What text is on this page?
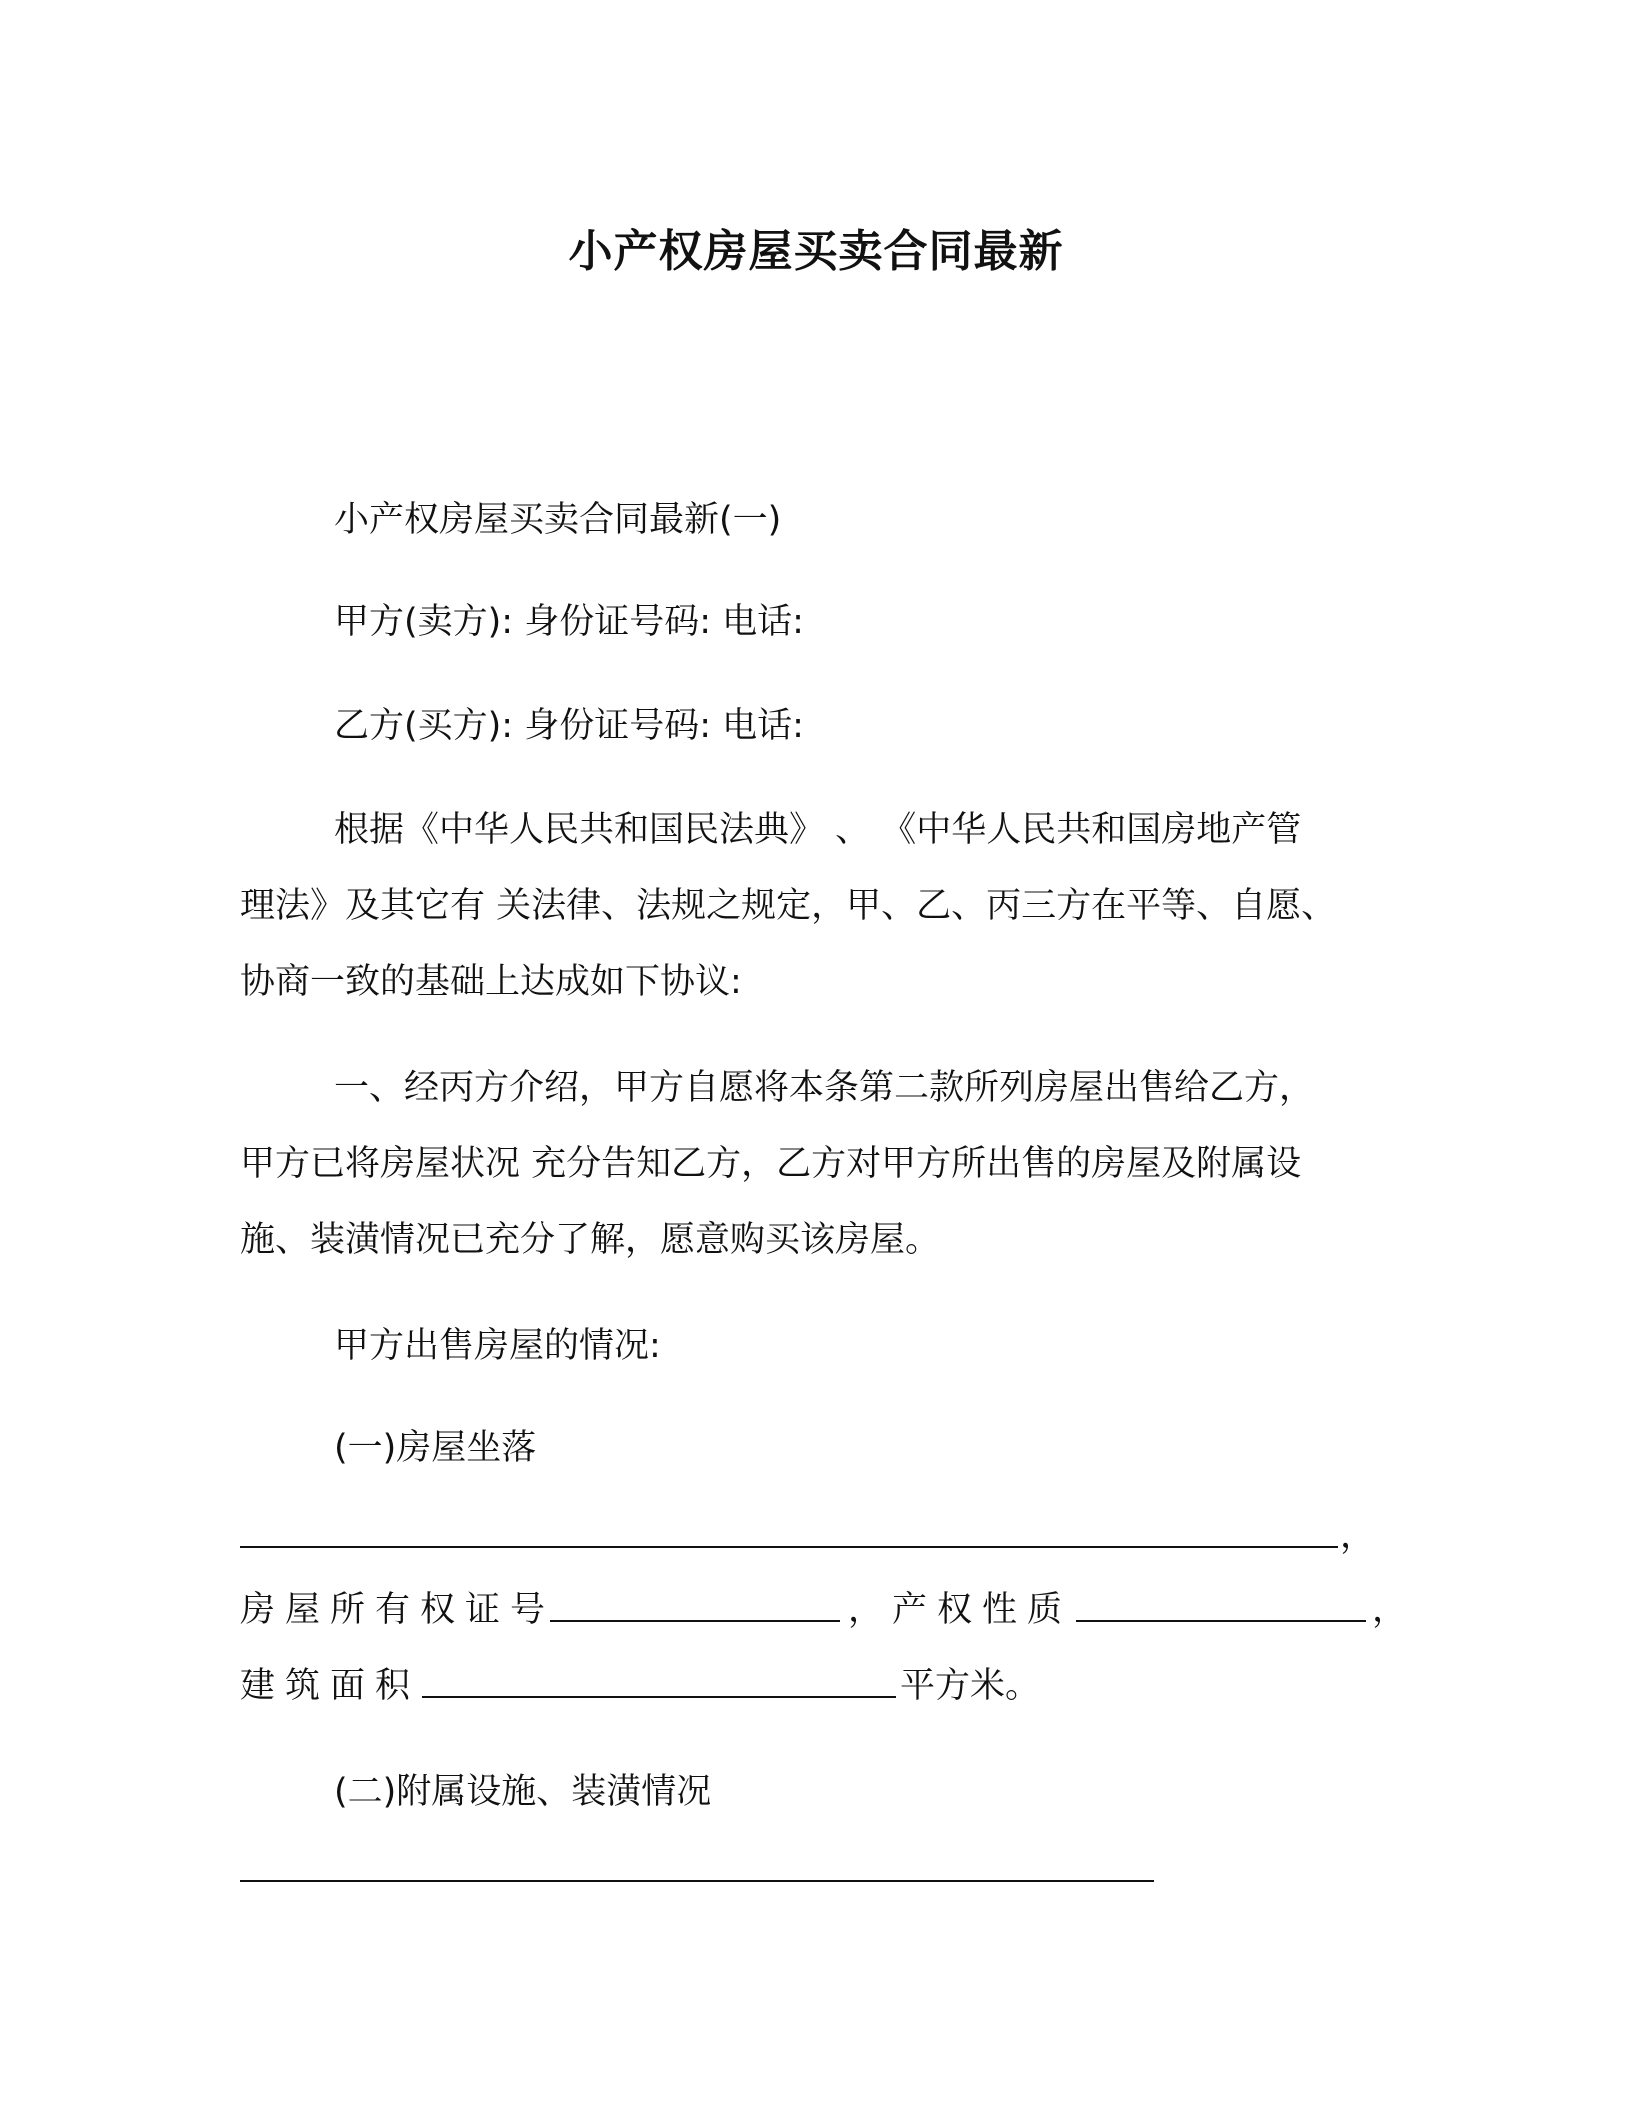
小产权房屋买卖合同最新
小产权房屋买卖合同最新(一)
甲方(卖方): 身份证号码: 电话:
乙方(买方): 身份证号码: 电话:
根据《中华人民共和国民法典》 、 《中华人民共和国房地产管
理法》及其它有 关法律、法规之规定，甲、乙、丙三方在平等、自愿、
协商一致的基础上达成如下协议:
一、经丙方介绍，甲方自愿将本条第二款所列房屋出售给乙方，
甲方已将房屋状况 充分告知乙方，乙方对甲方所出售的房屋及附属设
施、装潢情况已充分了解，愿意购买该房屋。
甲方出售房屋的情况:
(一)房屋坐落
，
房屋所有权证号	， 产权性质	，
建筑面积	平方米。
(二)附属设施、装潢情况
